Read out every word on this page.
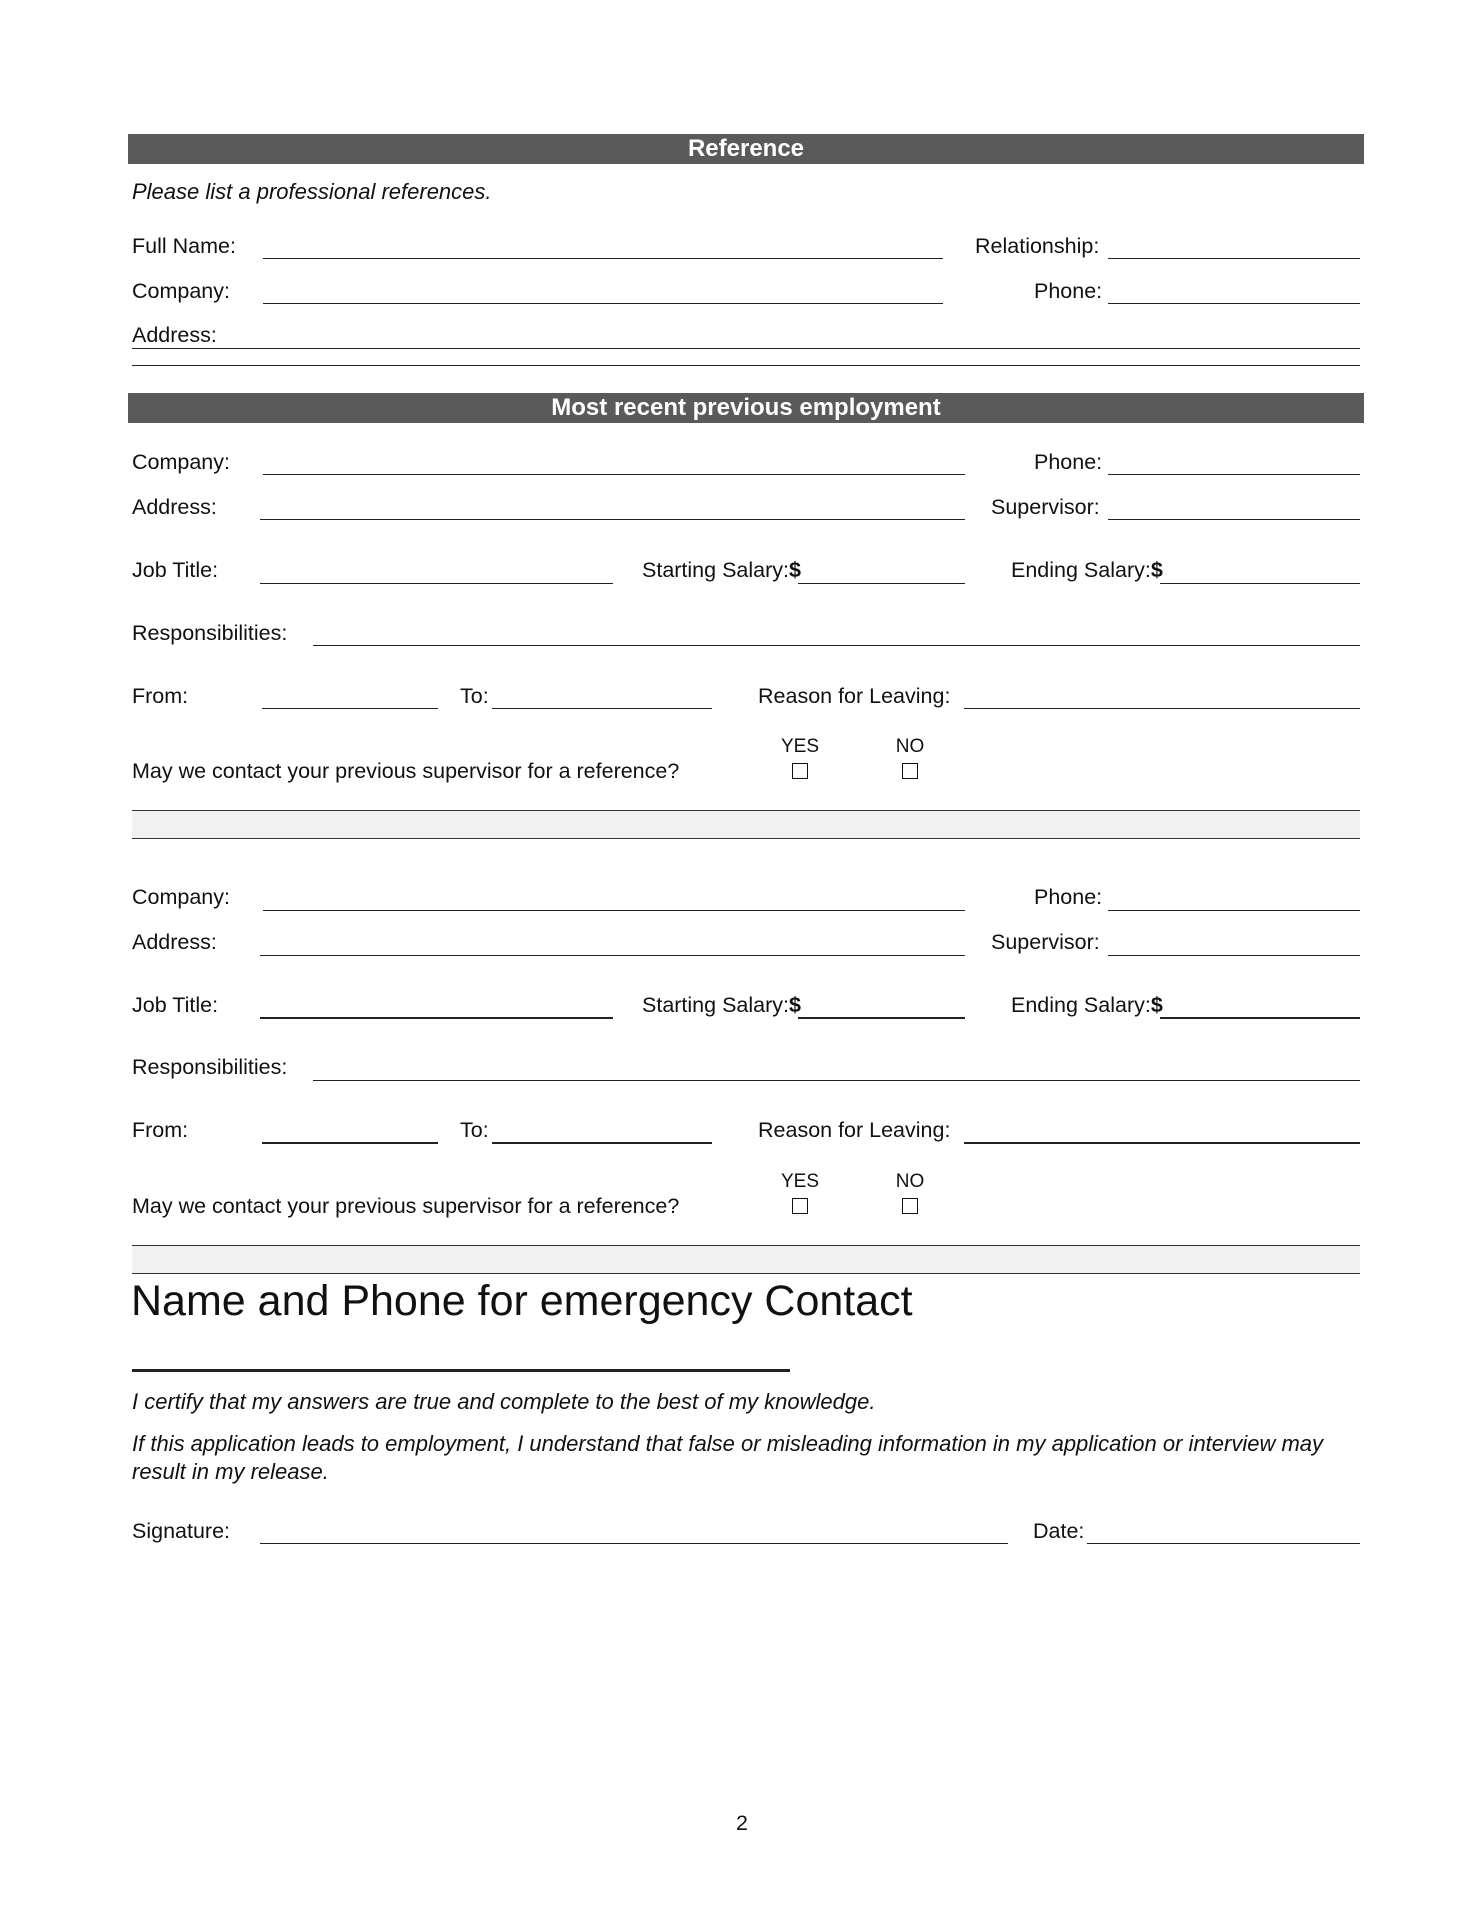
Reference
Please list a professional references.
Full Name:	Relationship:
Company:	Phone:
Address:
Most recent previous employment
Company:	Phone:
Address:	Supervisor:
Job Title:	Starting Salary:$	Ending Salary:$
Responsibilities:
From:	To:	Reason for Leaving:
YES	NO
May we contact your previous supervisor for a reference?
Company:	Phone:
Address:	Supervisor:
Job Title:	Starting Salary:$	Ending Salary:$
Responsibilities:
From:	To:	Reason for Leaving:
YES	NO
May we contact your previous supervisor for a reference?
Name and Phone for emergency Contact
I certify that my answers are true and complete to the best of my knowledge.
If this application leads to employment, I understand that false or misleading information in my application or interview may result in my release.
Signature:	Date:
2
